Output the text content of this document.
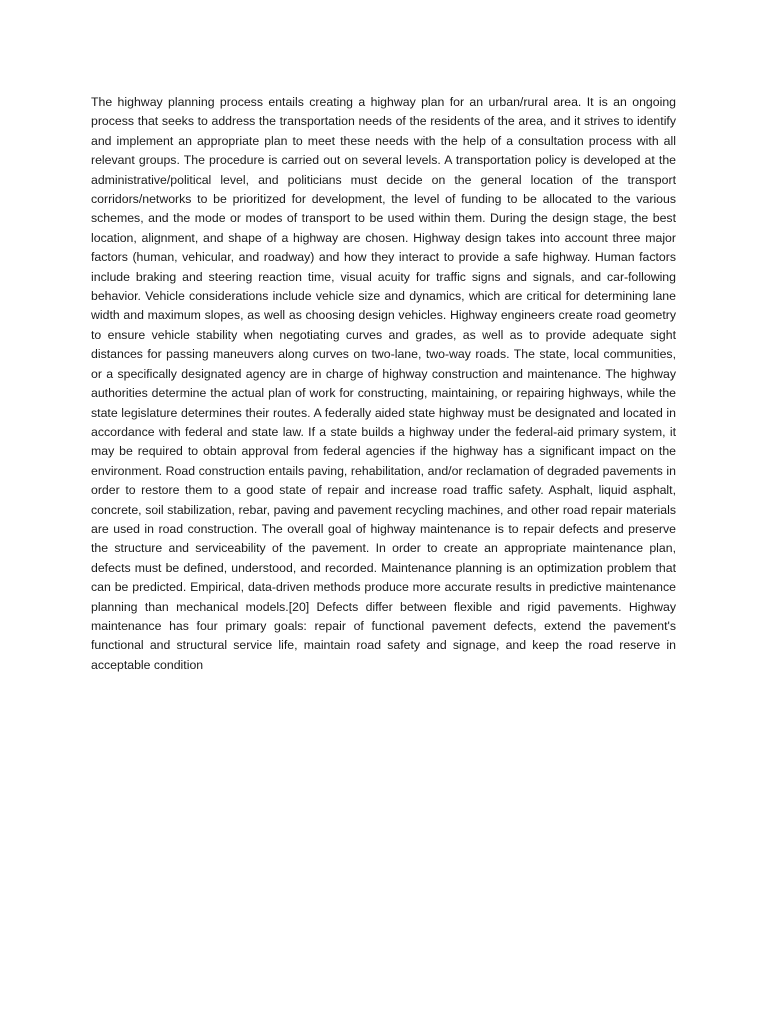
The highway planning process entails creating a highway plan for an urban/rural area. It is an ongoing process that seeks to address the transportation needs of the residents of the area, and it strives to identify and implement an appropriate plan to meet these needs with the help of a consultation process with all relevant groups. The procedure is carried out on several levels. A transportation policy is developed at the administrative/political level, and politicians must decide on the general location of the transport corridors/networks to be prioritized for development, the level of funding to be allocated to the various schemes, and the mode or modes of transport to be used within them. During the design stage, the best location, alignment, and shape of a highway are chosen. Highway design takes into account three major factors (human, vehicular, and roadway) and how they interact to provide a safe highway. Human factors include braking and steering reaction time, visual acuity for traffic signs and signals, and car-following behavior. Vehicle considerations include vehicle size and dynamics, which are critical for determining lane width and maximum slopes, as well as choosing design vehicles. Highway engineers create road geometry to ensure vehicle stability when negotiating curves and grades, as well as to provide adequate sight distances for passing maneuvers along curves on two-lane, two-way roads. The state, local communities, or a specifically designated agency are in charge of highway construction and maintenance. The highway authorities determine the actual plan of work for constructing, maintaining, or repairing highways, while the state legislature determines their routes. A federally aided state highway must be designated and located in accordance with federal and state law. If a state builds a highway under the federal-aid primary system, it may be required to obtain approval from federal agencies if the highway has a significant impact on the environment. Road construction entails paving, rehabilitation, and/or reclamation of degraded pavements in order to restore them to a good state of repair and increase road traffic safety. Asphalt, liquid asphalt, concrete, soil stabilization, rebar, paving and pavement recycling machines, and other road repair materials are used in road construction. The overall goal of highway maintenance is to repair defects and preserve the structure and serviceability of the pavement. In order to create an appropriate maintenance plan, defects must be defined, understood, and recorded. Maintenance planning is an optimization problem that can be predicted. Empirical, data-driven methods produce more accurate results in predictive maintenance planning than mechanical models.[20] Defects differ between flexible and rigid pavements. Highway maintenance has four primary goals: repair of functional pavement defects, extend the pavement's functional and structural service life, maintain road safety and signage, and keep the road reserve in acceptable condition
